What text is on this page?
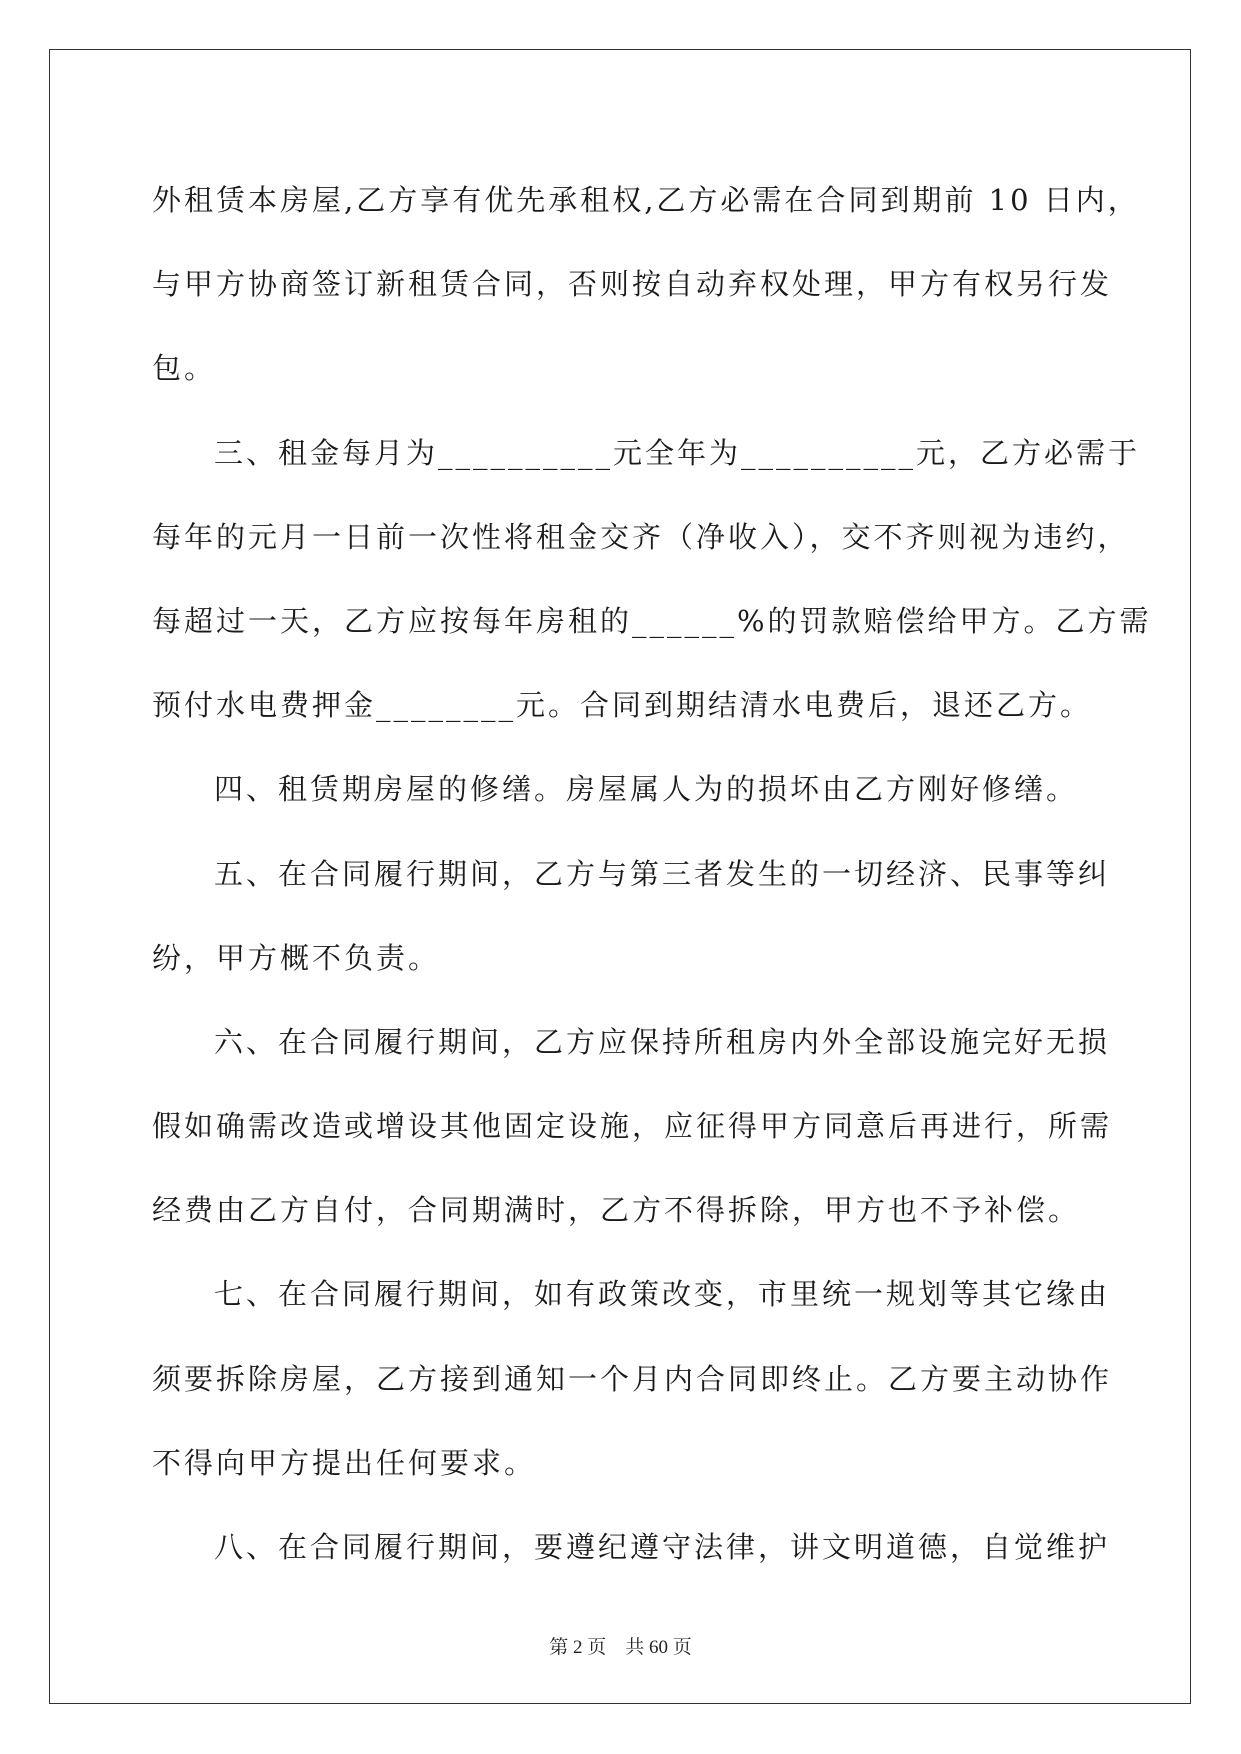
外租赁本房屋,乙方享有优先承租权,乙方必需在合同到期前 10 日内，
与甲方协商签订新租赁合同，否则按自动弃权处理，甲方有权另行发
包。
三、租金每月为__________元全年为__________元，乙方必需于
每年的元月一日前一次性将租金交齐（净收入），交不齐则视为违约，
每超过一天，乙方应按每年房租的______%的罚款赔偿给甲方。乙方需
预付水电费押金________元。合同到期结清水电费后，退还乙方。
四、租赁期房屋的修缮。房屋属人为的损坏由乙方刚好修缮。
五、在合同履行期间，乙方与第三者发生的一切经济、民事等纠
纷，甲方概不负责。
六、在合同履行期间，乙方应保持所租房内外全部设施完好无损
假如确需改造或增设其他固定设施，应征得甲方同意后再进行，所需
经费由乙方自付，合同期满时，乙方不得拆除，甲方也不予补偿。
七、在合同履行期间，如有政策改变，市里统一规划等其它缘由
须要拆除房屋，乙方接到通知一个月内合同即终止。乙方要主动协作
不得向甲方提出任何要求。
八、在合同履行期间，要遵纪遵守法律，讲文明道德，自觉维护
第 2 页 共 60 页
